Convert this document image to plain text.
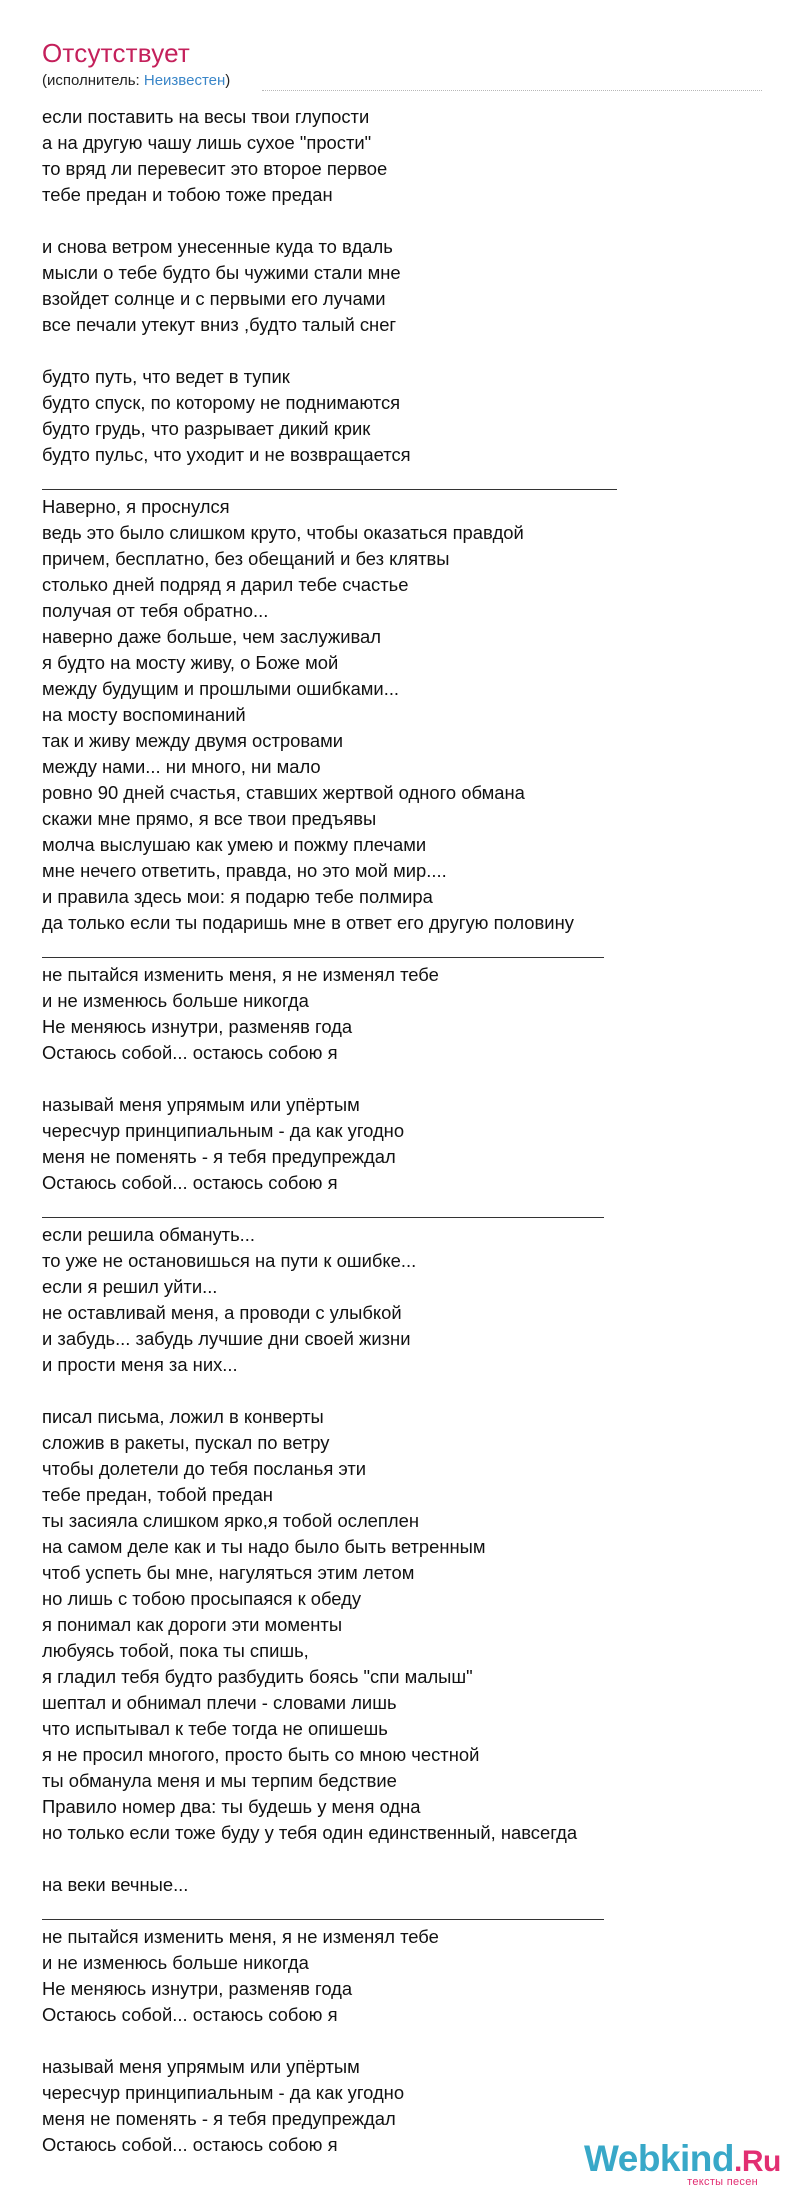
Отсутствует
(исполнитель: Неизвестен)
если поставить на весы твои глупости
а на другую чашу лишь сухое "прости"
то вряд ли перевесит это второе первое
тебе предан и тобою тоже предан
и снова ветром унесенные куда то вдаль
мысли о тебе будто бы чужими стали мне
взойдет солнце и с первыми его лучами
все печали утекут вниз ,будто талый снег
будто путь, что ведет в тупик
будто спуск, по которому не поднимаются
будто грудь, что разрывает дикий крик
будто пульс, что уходит и не возвращается
Наверно, я проснулся
ведь это было слишком круто, чтобы оказаться правдой
причем, бесплатно, без обещаний и без клятвы
столько дней подряд я дарил тебе счастье
получая от тебя обратно...
наверно даже больше, чем заслуживал
я будто на мосту живу, о Боже мой
между будущим и прошлыми ошибками...
на мосту воспоминаний
так и живу между двумя островами
между нами... ни много, ни мало
ровно 90 дней счастья, ставших жертвой одного обмана
скажи мне прямо, я все твои предъявы
молча выслушаю как умею и пожму плечами
мне нечего ответить, правда, но это мой мир....
и правила здесь мои: я подарю тебе полмира
да только если ты подаришь мне в ответ его другую половину
не пытайся изменить меня, я не изменял тебе
и не изменюсь больше никогда
Не меняюсь изнутри, разменяв года
Остаюсь собой... остаюсь собою я
называй меня упрямым или упёртым
чересчур принципиальным - да как угодно
меня не поменять - я тебя предупреждал
Остаюсь собой... остаюсь собою я
если решила обмануть...
то уже не остановишься на пути к ошибке...
если я решил уйти...
не оставливай меня, а проводи с улыбкой
и забудь... забудь лучшие дни своей жизни
и прости меня за них...
писал письма, ложил в конверты
сложив в ракеты, пускал по ветру
чтобы долетели до тебя посланья эти
тебе предан, тобой предан
ты засияла слишком ярко,я тобой ослеплен
на самом деле как и ты надо было быть ветренным
чтоб успеть бы мне, нагуляться этим летом
но лишь с тобою просыпаяся к обеду
я понимал как дороги эти моменты
любуясь тобой, пока ты спишь,
я гладил тебя будто разбудить боясь "спи малыш"
шептал и обнимал плечи - словами лишь
что испытывал к тебе тогда не опишешь
я не просил многого, просто быть со мною честной
ты обманула меня и мы терпим бедствие
Правило номер два: ты будешь у меня одна
но только если тоже буду у тебя один единственный, навсегда
на веки вечные...
не пытайся изменить меня, я не изменял тебе
и не изменюсь больше никогда
Не меняюсь изнутри, разменяв года
Остаюсь собой... остаюсь собою я
называй меня упрямым или упёртым
чересчур принципиальным - да как угодно
меня не поменять - я тебя предупреждал
Остаюсь собой... остаюсь собою я	Webkind.Ru
тексты песен
